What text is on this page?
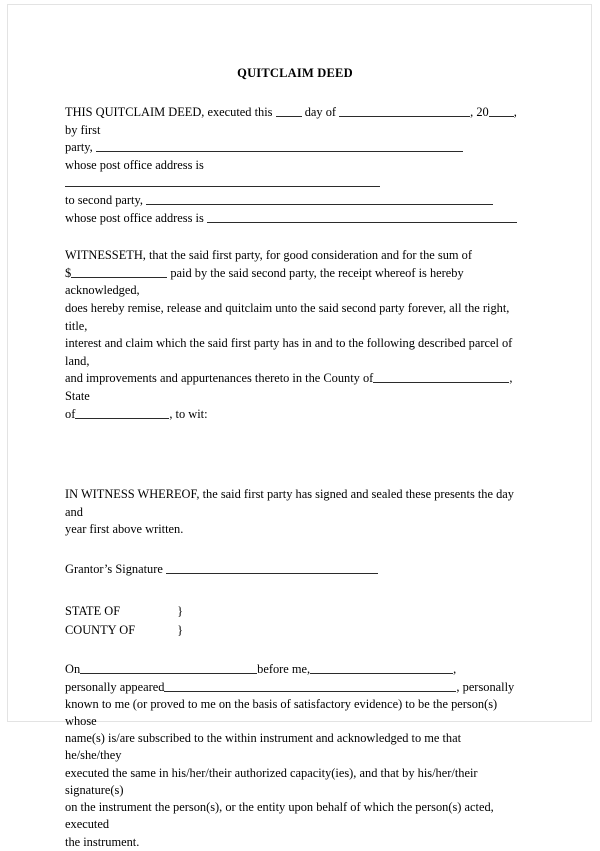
QUITCLAIM DEED

THIS QUITCLAIM DEED, executed this	day of	, 20 , by first
party,
whose post office address is
to second party,
whose post office address is

WITNESSETH, that the said first party, for good consideration and for the sum of
$	paid by the said second party, the receipt whereof is hereby acknowledged,
does hereby remise, release and quitclaim unto the said second party forever, all the right, title,
interest and claim which the said first party has in and to the following described parcel of land,
and improvements and appurtenances thereto in the County of	, State
of	, to wit:

IN WITNESS WHEREOF, the said first party has signed and sealed these presents the day and
year first above written.

Grantor’s Signature

STATE OF	}
COUNTY OF	}

On	before me,	,
personally appeared	, personally
known to me (or proved to me on the basis of satisfactory evidence) to be the person(s) whose
name(s) is/are subscribed to the within instrument and acknowledged to me that he/she/they
executed the same in his/her/their authorized capacity(ies), and that by his/her/their signature(s)
on the instrument the person(s), or the entity upon behalf of which the person(s) acted, executed
the instrument.
